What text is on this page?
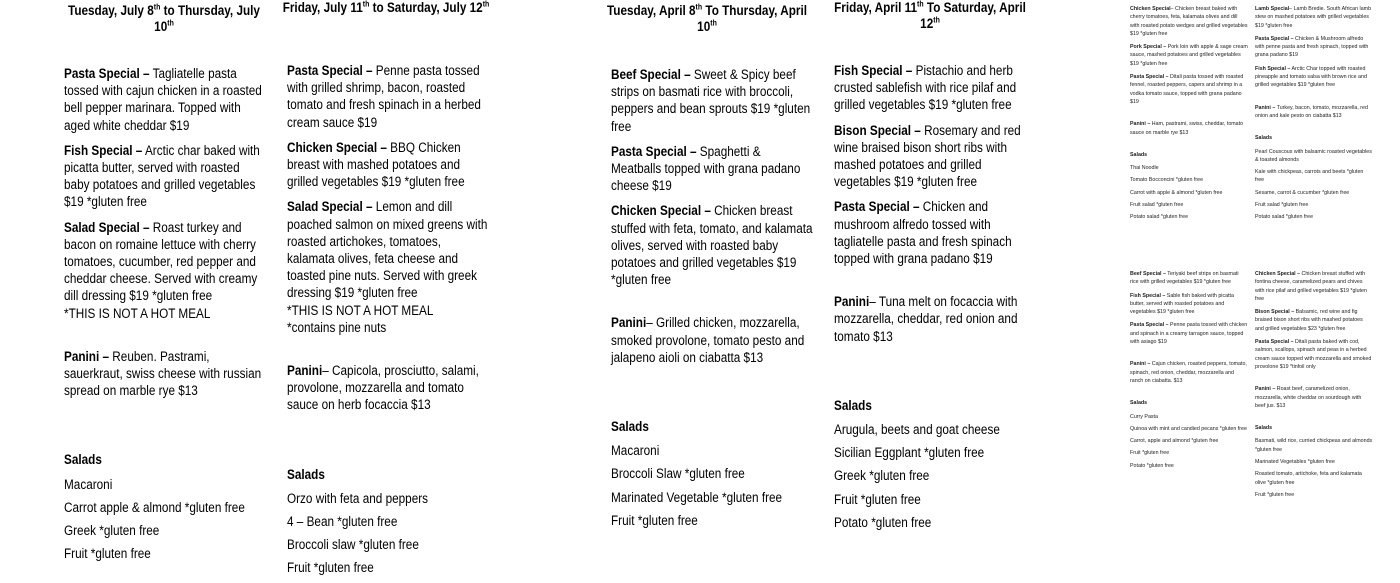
Tuesday, July 8th to Thursday, July 10th
Pasta Special – Tagliatelle pasta tossed with cajun chicken in a roasted bell pepper marinara. Topped with aged white cheddar $19
Fish Special – Arctic char baked with picatta butter, served with roasted baby potatoes and grilled vegetables $19 *gluten free
Salad Special – Roast turkey and bacon on romaine lettuce with cherry tomatoes, cucumber, red pepper and cheddar cheese. Served with creamy dill dressing $19 *gluten free
*THIS IS NOT A HOT MEAL
Panini – Reuben. Pastrami, sauerkraut, swiss cheese with russian spread on marble rye $13
Salads
Macaroni
Carrot apple & almond *gluten free
Greek *gluten free
Fruit *gluten free
Friday, July 11th to Saturday, July 12th
Pasta Special – Penne pasta tossed with grilled shrimp, bacon, roasted tomato and fresh spinach in a herbed cream sauce $19
Chicken Special – BBQ Chicken breast with mashed potatoes and grilled vegetables $19 *gluten free
Salad Special – Lemon and dill poached salmon on mixed greens with roasted artichokes, tomatoes, kalamata olives, feta cheese and toasted pine nuts. Served with greek dressing $19 *gluten free
*THIS IS NOT A HOT MEAL
*contains pine nuts
Panini– Capicola, prosciutto, salami, provolone, mozzarella and tomato sauce on herb focaccia $13
Salads
Orzo with feta and peppers
4 – Bean *gluten free
Broccoli slaw *gluten free
Fruit *gluten free
Tuesday, April 8th To Thursday, April 10th
Beef Special – Sweet & Spicy beef strips on basmati rice with broccoli, peppers and bean sprouts $19 *gluten free
Pasta Special – Spaghetti & Meatballs topped with grana padano cheese $19
Chicken Special – Chicken breast stuffed with feta, tomato, and kalamata olives, served with roasted baby potatoes and grilled vegetables $19 *gluten free
Panini– Grilled chicken, mozzarella, smoked provolone, tomato pesto and jalapeno aioli on ciabatta $13
Salads
Macaroni
Broccoli Slaw *gluten free
Marinated Vegetable *gluten free
Fruit *gluten free
Friday, April 11th To Saturday, April 12th
Fish Special – Pistachio and herb crusted sablefish with rice pilaf and grilled vegetables $19 *gluten free
Bison Special – Rosemary and red wine braised bison short ribs with mashed potatoes and grilled vegetables $19 *gluten free
Pasta Special – Chicken and mushroom alfredo tossed with tagliatelle pasta and fresh spinach topped with grana padano $19
Panini– Tuna melt on focaccia with mozzarella, cheddar, red onion and tomato $13
Salads
Arugula, beets and goat cheese
Sicilian Eggplant *gluten free
Greek *gluten free
Fruit *gluten free
Potato *gluten free
Chicken Special– Chicken breast baked with cherry tomatoes, feta, kalamata olives and dill with roasted potato wedges and grilled vegetables $19 *gluten free
Pork Special – Pork loin with apple & sage cream sauce, mashed potatoes and grilled vegetables $19 *gluten free
Pasta Special – Ditali pasta tossed with roasted fennel, roasted peppers, capers and shrimp in a vodka tomato sauce, topped with grana padano $19
Panini – Ham, pastrami, swiss, cheddar, tomato sauce on marble rye $13
Salads
Thai Noodle
Tomato Bocconcini *gluten free
Carrot with apple & almond *gluten free
Fruit salad *gluten free
Potato salad *gluten free
Lamb Special– Lamb Bredie. South African lamb stew on mashed potatoes with grilled vegetables $19 *gluten free
Pasta Special – Chicken & Mushroom alfredo with penne pasta and fresh spinach, topped with grana padano $19
Fish Special – Arctic Char topped with roasted pineapple and tomato salsa with brown rice and grilled vegetables $19 *gluten free
Panini – Turkey, bacon, tomato, mozzarella, red onion and kale pesto on ciabatta $13
Salads
Pearl Couscous with balsamic roasted vegetables & toasted almonds
Kale with chickpeas, carrots and beets *gluten free
Sesame, carrot & cucumber *gluten free
Fruit salad *gluten free
Potato salad *gluten free
Beef Special – Teriyaki beef strips on basmati rice with grilled vegetables $19 *gluten free
Fish Special – Sable fish baked with picatta butter, served with roasted potatoes and vegetables $19 *gluten free
Pasta Special – Penne pasta tossed with chicken and spinach in a creamy tarragon sauce, topped with asiago $19
Panini – Cajun chicken, roasted peppers, tomato, spinach, red onion, cheddar, mozzarella and ranch on ciabatta. $13
Salads
Curry Pasta
Quinoa with mint and candied pecans *gluten free
Carrot, apple and almond *gluten free
Fruit *gluten free
Potato *gluten free
Chicken Special – Chicken breast stuffed with fontina cheese, caramelized pears and chives with rice pilaf and grilled vegetables $19 *gluten free
Bison Special – Balsamic, red wine and fig braised bison short ribs with mashed potatoes and grilled vegetables $23 *gluten free
Pasta Special – Ditali pasta baked with cod, salmon, scallops, spinach and peas in a herbed cream sauce topped with mozzarella and smoked provolone $19 *tinfoil only
Panini – Roast beef, caramelized onion, mozzarella, white cheddar on sourdough with beef jus. $13
Salads
Basmati, wild rice, curried chickpeas and almonds *gluten free
Marinated Vegetables *gluten free
Roasted tomato, artichoke, feta and kalamata olive *gluten free
Fruit *gluten free
